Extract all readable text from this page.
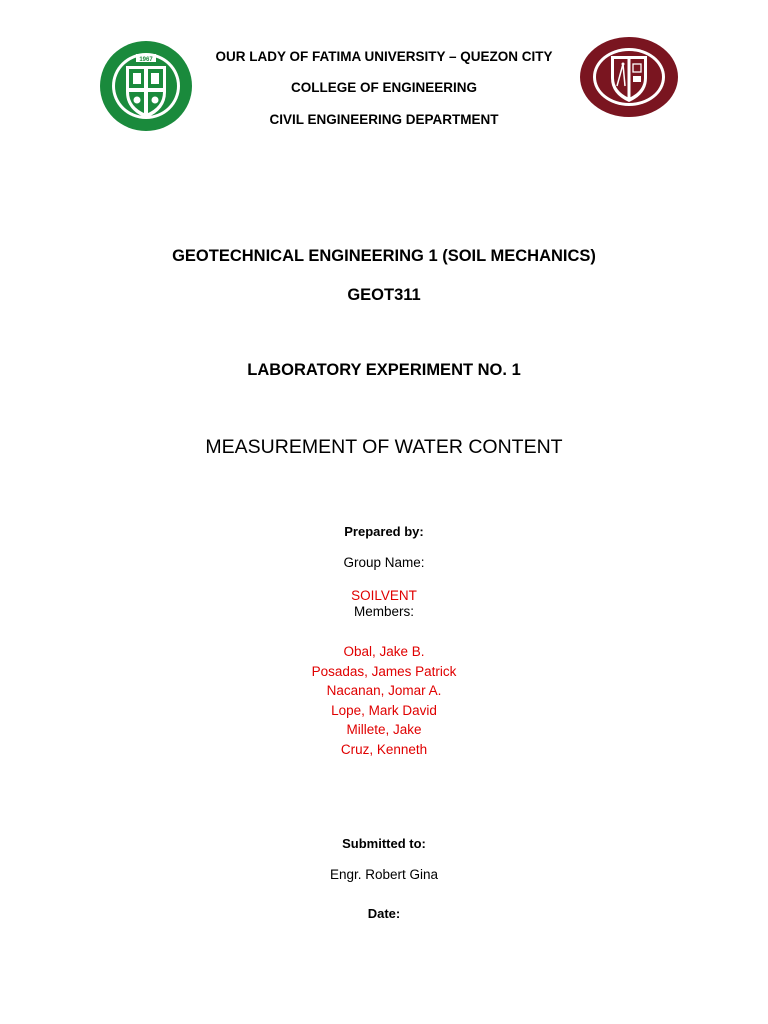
1967	OUR LADY OF FATIMA UNIVERSITY – QUEZON CITY
COLLEGE OF ENGINEERING
CIVIL ENGINEERING DEPARTMENT
GEOTECHNICAL ENGINEERING 1 (SOIL MECHANICS)
GEOT311
LABORATORY EXPERIMENT NO. 1
MEASUREMENT OF WATER CONTENT
Prepared by:
Group Name:
SOILVENT
Members:
Obal, Jake B.
Posadas, James Patrick
Nacanan, Jomar A.
Lope, Mark David
Millete, Jake
Cruz, Kenneth
Submitted to:
Engr. Robert Gina
Date:
